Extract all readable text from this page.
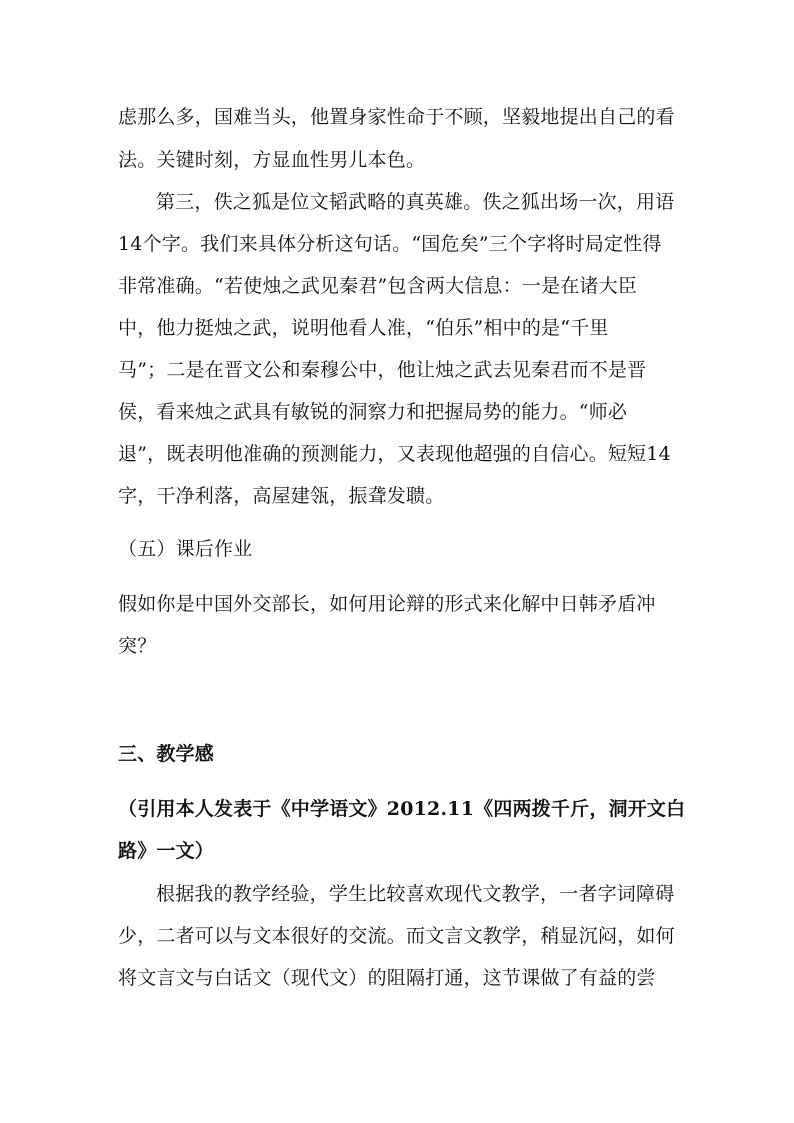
虑那么多，国难当头，他置身家性命于不顾，坚毅地提出自己的看
法。关键时刻，方显血性男儿本色。
第三，佚之狐是位文韬武略的真英雄。佚之狐出场一次，用语
14个字。我们来具体分析这句话。“国危矣”三个字将时局定性得
非常准确。“若使烛之武见秦君”包含两大信息：一是在诸大臣
中，他力挺烛之武，说明他看人准，“伯乐”相中的是“千里
马”；二是在晋文公和秦穆公中，他让烛之武去见秦君而不是晋
侯，看来烛之武具有敏锐的洞察力和把握局势的能力。“师必
退”，既表明他准确的预测能力，又表现他超强的自信心。短短14
字，干净利落，高屋建瓴，振聋发聩。
（五）课后作业
假如你是中国外交部长，如何用论辩的形式来化解中日韩矛盾冲
突？
三、教学感
（引用本人发表于《中学语文》2012.11《四两拨千斤，洞开文白
路》一文）
根据我的教学经验，学生比较喜欢现代文教学，一者字词障碍
少，二者可以与文本很好的交流。而文言文教学，稍显沉闷，如何
将文言文与白话文（现代文）的阻隔打通，这节课做了有益的尝
